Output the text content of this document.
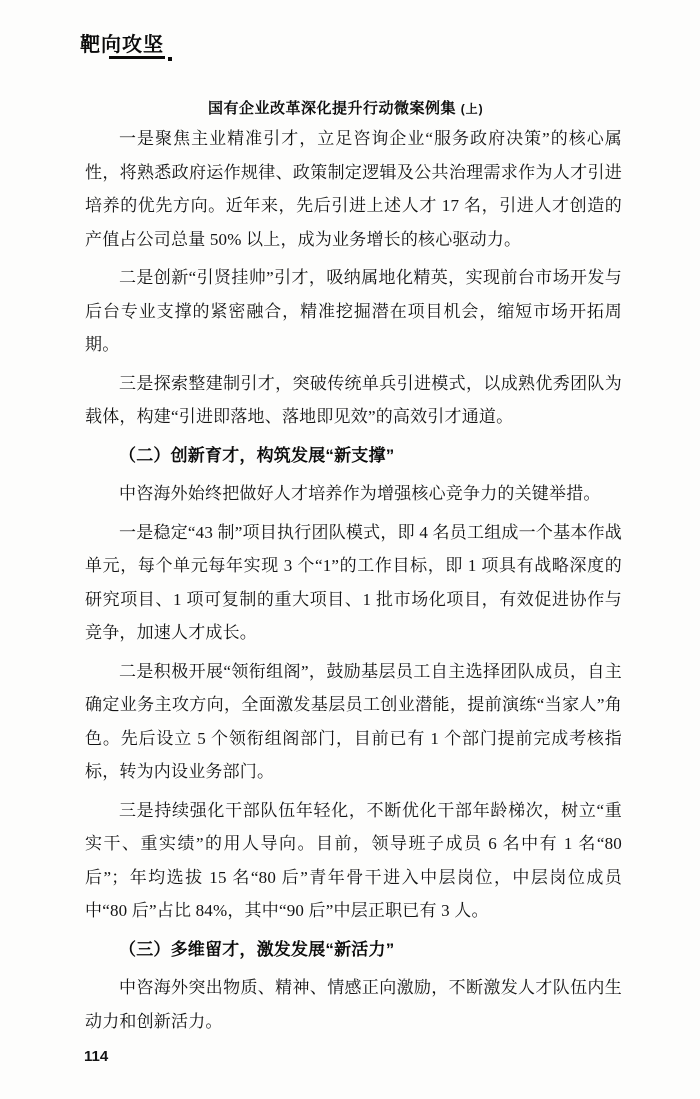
靶向攻坚
国有企业改革深化提升行动微案例集 (上)

一是聚焦主业精准引才，立足咨询企业“服务政府决策”的核心属性，将熟悉政府运作规律、政策制定逻辑及公共治理需求作为人才引进培养的优先方向。近年来，先后引进上述人才 17 名，引进人才创造的产值占公司总量 50% 以上，成为业务增长的核心驱动力。

二是创新“引贤挂帅”引才，吸纳属地化精英，实现前台市场开发与后台专业支撑的紧密融合，精准挖掘潜在项目机会，缩短市场开拓周期。

三是探索整建制引才，突破传统单兵引进模式，以成熟优秀团队为载体，构建“引进即落地、落地即见效”的高效引才通道。

（二）创新育才，构筑发展“新支撑”

中咨海外始终把做好人才培养作为增强核心竞争力的关键举措。

一是稳定“43 制”项目执行团队模式，即 4 名员工组成一个基本作战单元，每个单元每年实现 3 个“1”的工作目标，即 1 项具有战略深度的研究项目、1 项可复制的重大项目、1 批市场化项目，有效促进协作与竞争，加速人才成长。

二是积极开展“领衔组阁”，鼓励基层员工自主选择团队成员，自主确定业务主攻方向，全面激发基层员工创业潜能，提前演练“当家人”角色。先后设立 5 个领衔组阁部门，目前已有 1 个部门提前完成考核指标，转为内设业务部门。

三是持续强化干部队伍年轻化，不断优化干部年龄梯次，树立“重实干、重实绩”的用人导向。目前，领导班子成员 6 名中有 1 名“80 后”；年均选拔 15 名“80 后”青年骨干进入中层岗位，中层岗位成员中“80 后”占比 84%，其中“90 后”中层正职已有 3 人。

（三）多维留才，激发发展“新活力”

中咨海外突出物质、精神、情感正向激励，不断激发人才队伍内生动力和创新活力。

114
